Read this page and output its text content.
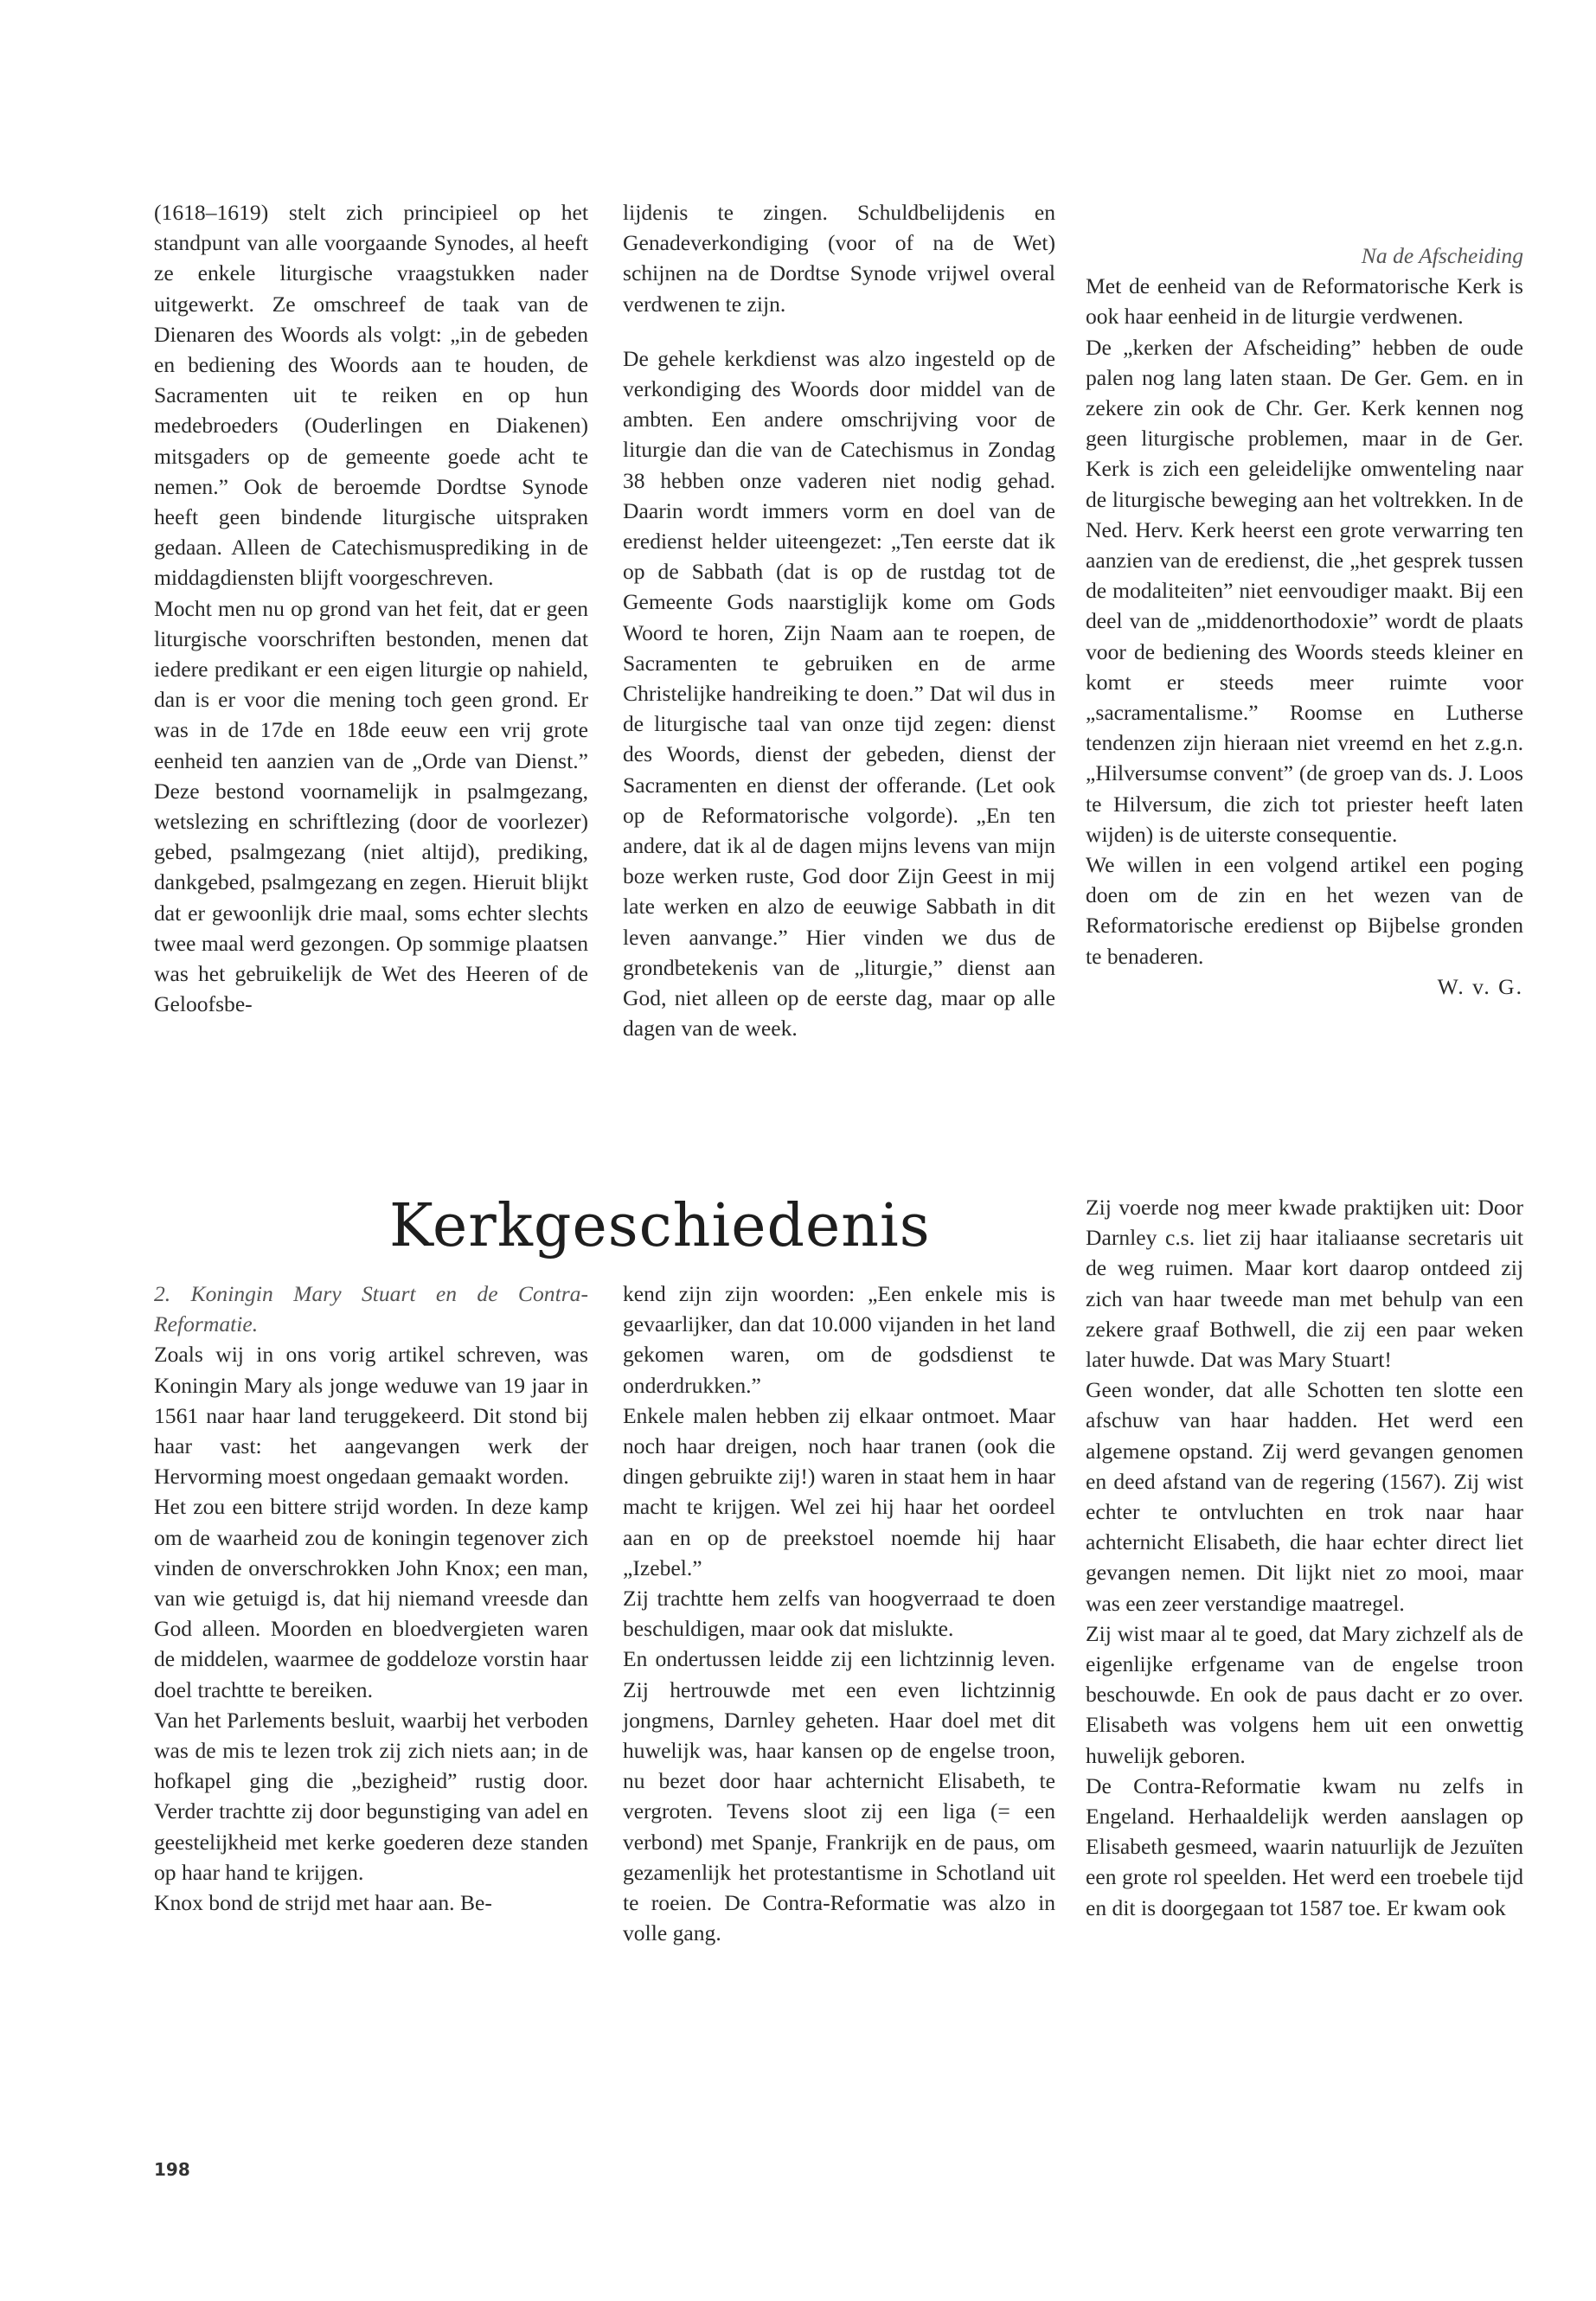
(1618–1619) stelt zich principieel op het standpunt van alle voorgaande Synodes, al heeft ze enkele liturgische vraagstukken nader uitgewerkt. Ze omschreef de taak van de Dienaren des Woords als volgt: „in de gebeden en bediening des Woords aan te houden, de Sacramenten uit te reiken en op hun medebroeders (Ouderlingen en Diakenen) mitsgaders op de gemeente goede acht te nemen.” Ook de beroemde Dordtse Synode heeft geen bindende liturgische uitspraken gedaan. Alleen de Catechismusprediking in de middagdiensten blijft voorgeschreven.

Mocht men nu op grond van het feit, dat er geen liturgische voorschriften bestonden, menen dat iedere predikant er een eigen liturgie op nahield, dan is er voor die mening toch geen grond. Er was in de 17de en 18de eeuw een vrij grote eenheid ten aanzien van de „Orde van Dienst.” Deze bestond voornamelijk in psalmgezang, wetslezing en schriftlezing (door de voorlezer) gebed, psalmgezang (niet altijd), prediking, dankgebed, psalmgezang en zegen. Hieruit blijkt dat er gewoonlijk drie maal, soms echter slechts twee maal werd gezongen. Op sommige plaatsen was het gebruikelijk de Wet des Heeren of de Geloofsbe-

lijdenis te zingen. Schuldbelijdenis en Genadeverkondiging (voor of na de Wet) schijnen na de Dordtse Synode vrijwel overal verdwenen te zijn.

De gehele kerkdienst was alzo ingesteld op de verkondiging des Woords door middel van de ambten. Een andere omschrijving voor de liturgie dan die van de Catechismus in Zondag 38 hebben onze vaderen niet nodig gehad. Daarin wordt immers vorm en doel van de eredienst helder uiteengezet: „Ten eerste dat ik op de Sabbath (dat is op de rustdag tot de Gemeente Gods naarstiglijk kome om Gods Woord te horen, Zijn Naam aan te roepen, de Sacramenten te gebruiken en de arme Christelijke handreiking te doen.” Dat wil dus in de liturgische taal van onze tijd zegen: dienst des Woords, dienst der gebeden, dienst der Sacramenten en dienst der offerande. (Let ook op de Reformatorische volgorde). „En ten andere, dat ik al de dagen mijns levens van mijn boze werken ruste, God door Zijn Geest in mij late werken en alzo de eeuwige Sabbath in dit leven aanvange.” Hier vinden we dus de grondbetekenis van de „liturgie,” dienst aan God, niet alleen op de eerste dag, maar op alle dagen van de week.

Na de Afscheiding

Met de eenheid van de Reformatorische Kerk is ook haar eenheid in de liturgie verdwenen.

De „kerken der Afscheiding” hebben de oude palen nog lang laten staan. De Ger. Gem. en in zekere zin ook de Chr. Ger. Kerk kennen nog geen liturgische problemen, maar in de Ger. Kerk is zich een geleidelijke omwenteling naar de liturgische beweging aan het voltrekken. In de Ned. Herv. Kerk heerst een grote verwarring ten aanzien van de eredienst, die „het gesprek tussen de modaliteiten” niet eenvoudiger maakt. Bij een deel van de „middenorthodoxie” wordt de plaats voor de bediening des Woords steeds kleiner en komt er steeds meer ruimte voor „sacramentalisme.” Roomse en Lutherse tendenzen zijn hieraan niet vreemd en het z.g.n. „Hilversumse convent” (de groep van ds. J. Loos te Hilversum, die zich tot priester heeft laten wijden) is de uiterste consequentie.

We willen in een volgend artikel een poging doen om de zin en het wezen van de Reformatorische eredienst op Bijbelse gronden te benaderen.

W. v. G.

Kerkgeschiedenis

2. Koningin Mary Stuart en de Contra-Reformatie.

Zoals wij in ons vorig artikel schreven, was Koningin Mary als jonge weduwe van 19 jaar in 1561 naar haar land teruggekeerd. Dit stond bij haar vast: het aangevangen werk der Hervorming moest ongedaan gemaakt worden.

Het zou een bittere strijd worden. In deze kamp om de waarheid zou de koningin tegenover zich vinden de onverschrokken John Knox; een man, van wie getuigd is, dat hij niemand vreesde dan God alleen. Moorden en bloedvergieten waren de middelen, waarmee de goddeloze vorstin haar doel trachtte te bereiken.

Van het Parlements besluit, waarbij het verboden was de mis te lezen trok zij zich niets aan; in de hofkapel ging die „bezigheid” rustig door. Verder trachtte zij door begunstiging van adel en geestelijkheid met kerke goederen deze standen op haar hand te krijgen.

Knox bond de strijd met haar aan. Be-

kend zijn zijn woorden: „Een enkele mis is gevaarlijker, dan dat 10.000 vijanden in het land gekomen waren, om de godsdienst te onderdrukken.”

Enkele malen hebben zij elkaar ontmoet. Maar noch haar dreigen, noch haar tranen (ook die dingen gebruikte zij!) waren in staat hem in haar macht te krijgen. Wel zei hij haar het oordeel aan en op de preekstoel noemde hij haar „Izebel.”

Zij trachtte hem zelfs van hoogverraad te doen beschuldigen, maar ook dat mislukte.

En ondertussen leidde zij een lichtzinnig leven. Zij hertrouwde met een even lichtzinnig jongmens, Darnley geheten. Haar doel met dit huwelijk was, haar kansen op de engelse troon, nu bezet door haar achternicht Elisabeth, te vergroten. Tevens sloot zij een liga (= een verbond) met Spanje, Frankrijk en de paus, om gezamenlijk het protestantisme in Schotland uit te roeien. De Contra-Reformatie was alzo in volle gang.

Zij voerde nog meer kwade praktijken uit: Door Darnley c.s. liet zij haar italiaanse secretaris uit de weg ruimen. Maar kort daarop ontdeed zij zich van haar tweede man met behulp van een zekere graaf Bothwell, die zij een paar weken later huwde. Dat was Mary Stuart!

Geen wonder, dat alle Schotten ten slotte een afschuw van haar hadden. Het werd een algemene opstand. Zij werd gevangen genomen en deed afstand van de regering (1567). Zij wist echter te ontvluchten en trok naar haar achternicht Elisabeth, die haar echter direct liet gevangen nemen. Dit lijkt niet zo mooi, maar was een zeer verstandige maatregel.

Zij wist maar al te goed, dat Mary zichzelf als de eigenlijke erfgename van de engelse troon beschouwde. En ook de paus dacht er zo over. Elisabeth was volgens hem uit een onwettig huwelijk geboren.

De Contra-Reformatie kwam nu zelfs in Engeland. Herhaaldelijk werden aanslagen op Elisabeth gesmeed, waarin natuurlijk de Jezuïten een grote rol speelden. Het werd een troebele tijd en dit is doorgegaan tot 1587 toe. Er kwam ook

198
